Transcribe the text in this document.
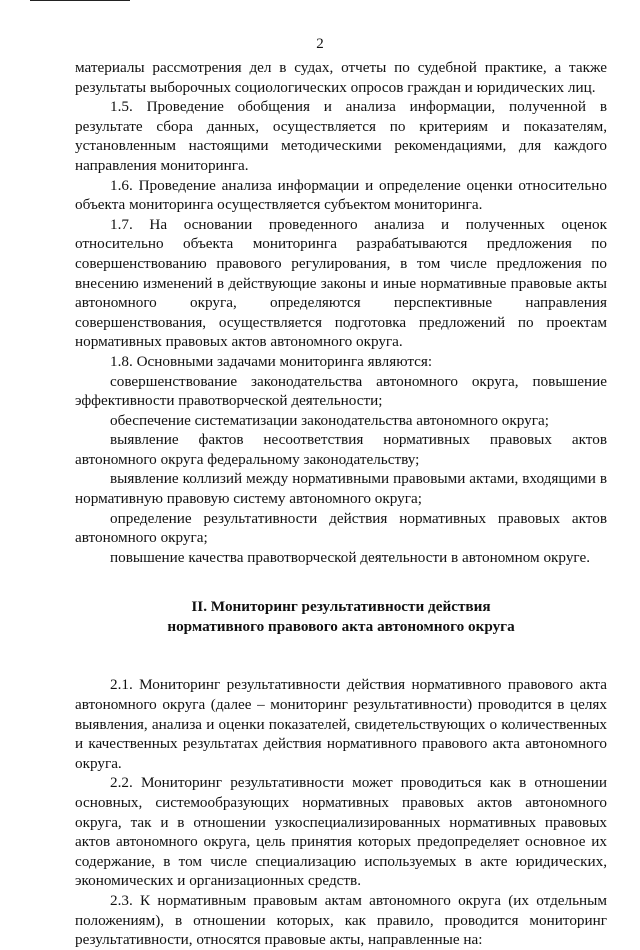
2

материалы рассмотрения дел в судах, отчеты по судебной практике, а также результаты выборочных социологических опросов граждан и юридических лиц.

1.5. Проведение обобщения и анализа информации, полученной в результате сбора данных, осуществляется по критериям и показателям, установленным настоящими методическими рекомендациями, для каждого направления мониторинга.

1.6. Проведение анализа информации и определение оценки относительно объекта мониторинга осуществляется субъектом мониторинга.

1.7. На основании проведенного анализа и полученных оценок относительно объекта мониторинга разрабатываются предложения по совершенствованию правового регулирования, в том числе предложения по внесению изменений в действующие законы и иные нормативные правовые акты автономного округа, определяются перспективные направления совершенствования, осуществляется подготовка предложений по проектам нормативных правовых актов автономного округа.

1.8. Основными задачами мониторинга являются:

совершенствование законодательства автономного округа, повышение эффективности правотворческой деятельности;

обеспечение систематизации законодательства автономного округа;

выявление фактов несоответствия нормативных правовых актов автономного округа федеральному законодательству;

выявление коллизий между нормативными правовыми актами, входящими в нормативную правовую систему автономного округа;

определение результативности действия нормативных правовых актов автономного округа;

повышение качества правотворческой деятельности в автономном округе.

II. Мониторинг результативности действия
нормативного правового акта автономного округа

2.1. Мониторинг результативности действия нормативного правового акта автономного округа (далее – мониторинг результативности) проводится в целях выявления, анализа и оценки показателей, свидетельствующих о количественных и качественных результатах действия нормативного правового акта автономного округа.

2.2. Мониторинг результативности может проводиться как в отношении основных, системообразующих нормативных правовых актов автономного округа, так и в отношении узкоспециализированных нормативных правовых актов автономного округа, цель принятия которых предопределяет основное их содержание, в том числе специализацию используемых в акте юридических, экономических и организационных средств.

2.3. К нормативным правовым актам автономного округа (их отдельным положениям), в отношении которых, как правило, проводится мониторинг результативности, относятся правовые акты, направленные на:
